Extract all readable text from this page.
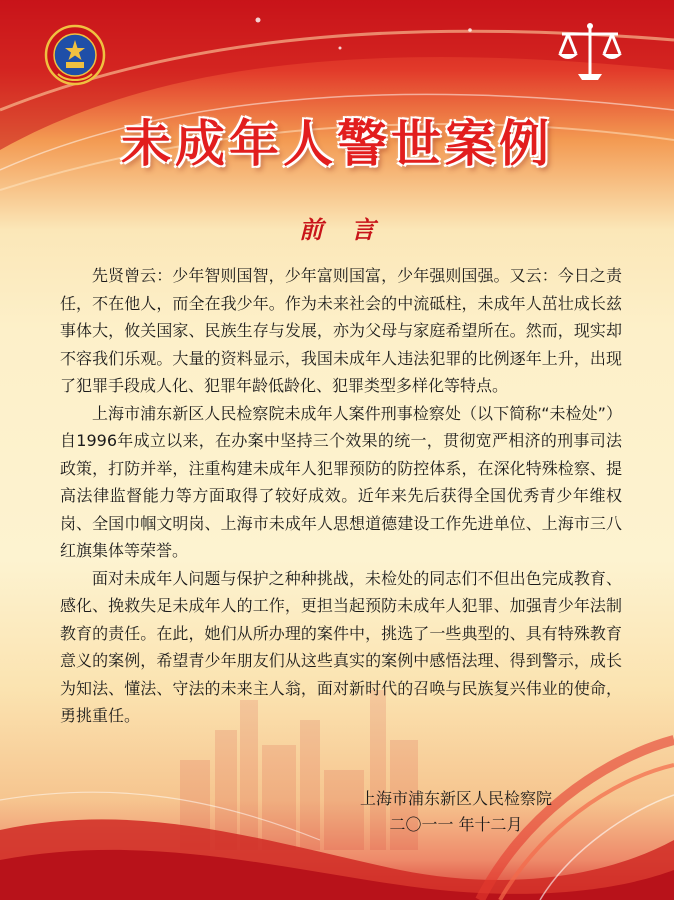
未成年人警世案例
前言

先贤曾云：少年智则国智，少年富则国富，少年强则国强。又云：今日之责任，不在他人，而全在我少年。作为未来社会的中流砥柱，未成年人茁壮成长兹事体大，攸关国家、民族生存与发展，亦为父母与家庭希望所在。然而，现实却不容我们乐观。大量的资料显示，我国未成年人违法犯罪的比例逐年上升，出现了犯罪手段成人化、犯罪年龄低龄化、犯罪类型多样化等特点。

上海市浦东新区人民检察院未成年人案件刑事检察处（以下简称“未检处”）自1996年成立以来，在办案中坚持三个效果的统一，贯彻宽严相济的刑事司法政策，打防并举，注重构建未成年人犯罪预防的防控体系，在深化特殊检察、提高法律监督能力等方面取得了较好成效。近年来先后获得全国优秀青少年维权岗、全国巾帼文明岗、上海市未成年人思想道德建设工作先进单位、上海市三八红旗集体等荣誉。

面对未成年人问题与保护之种种挑战，未检处的同志们不但出色完成教育、感化、挽救失足未成年人的工作，更担当起预防未成年人犯罪、加强青少年法制教育的责任。在此，她们从所办理的案件中，挑选了一些典型的、具有特殊教育意义的案例，希望青少年朋友们从这些真实的案例中感悟法理、得到警示，成长为知法、懂法、守法的未来主人翁，面对新时代的召唤与民族复兴伟业的使命，勇挑重任。

上海市浦东新区人民检察院
二〇一一 年十二月
